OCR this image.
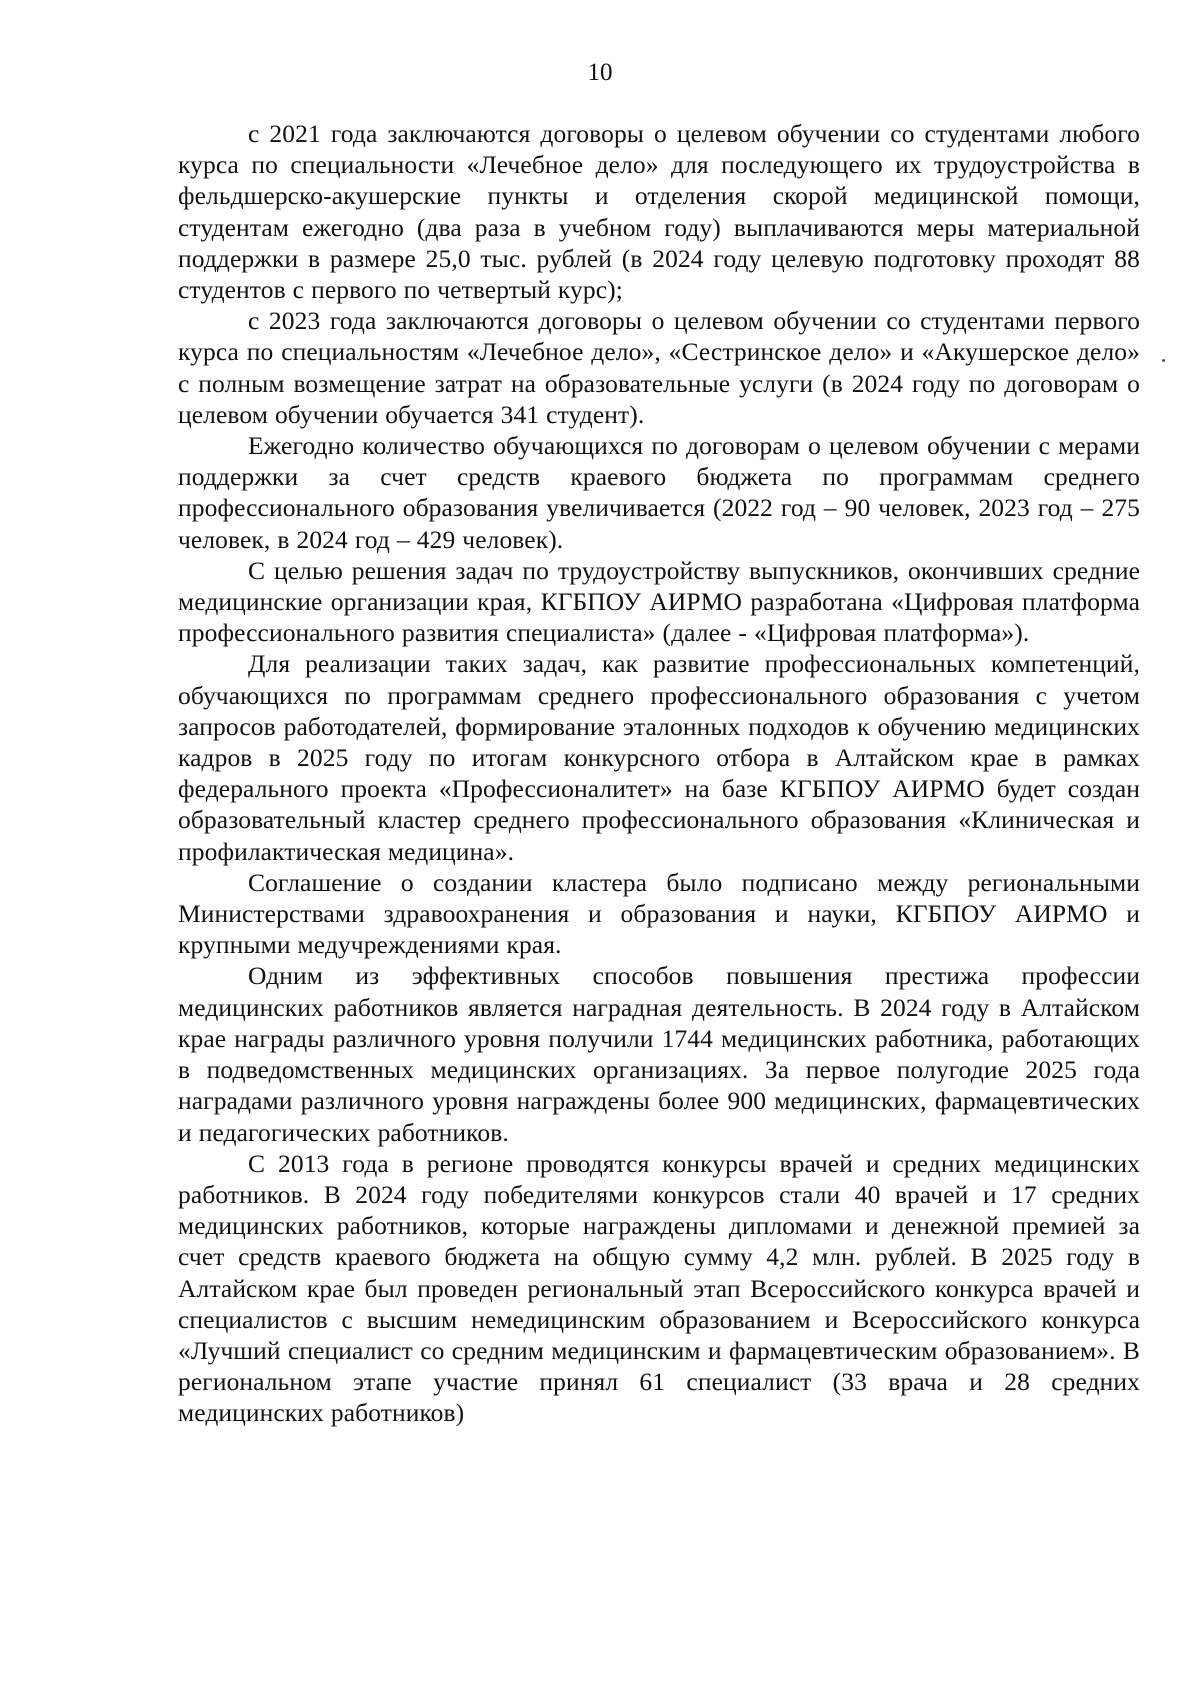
10

с 2021 года заключаются договоры о целевом обучении со студентами любого курса по специальности «Лечебное дело» для последующего их трудоустройства в фельдшерско-акушерские пункты и отделения скорой медицинской помощи, студентам ежегодно (два раза в учебном году) выплачиваются меры материальной поддержки в размере 25,0 тыс. рублей (в 2024 году целевую подготовку проходят 88 студентов с первого по четвертый курс);

с 2023 года заключаются договоры о целевом обучении со студентами первого курса по специальностям «Лечебное дело», «Сестринское дело» и «Акушерское дело» с полным возмещение затрат на образовательные услуги (в 2024 году по договорам о целевом обучении обучается 341 студент).

Ежегодно количество обучающихся по договорам о целевом обучении с мерами поддержки за счет средств краевого бюджета по программам среднего профессионального образования увеличивается (2022 год – 90 человек, 2023 год – 275 человек, в 2024 год – 429 человек).

С целью решения задач по трудоустройству выпускников, окончивших средние медицинские организации края, КГБПОУ АИРМО разработана «Цифровая платформа профессионального развития специалиста» (далее - «Цифровая платформа»).

Для реализации таких задач, как развитие профессиональных компетенций, обучающихся по программам среднего профессионального образования с учетом запросов работодателей, формирование эталонных подходов к обучению медицинских кадров в 2025 году по итогам конкурсного отбора в Алтайском крае в рамках федерального проекта «Профессионалитет» на базе КГБПОУ АИРМО будет создан образовательный кластер среднего профессионального образования «Клиническая и профилактическая медицина».

Соглашение о создании кластера было подписано между региональными Министерствами здравоохранения и образования и науки, КГБПОУ АИРМО и крупными медучреждениями края.

Одним из эффективных способов повышения престижа профессии медицинских работников является наградная деятельность. В 2024 году в Алтайском крае награды различного уровня получили 1744 медицинских работника, работающих в подведомственных медицинских организациях. За первое полугодие 2025 года наградами различного уровня награждены более 900 медицинских, фармацевтических и педагогических работников.

С 2013 года в регионе проводятся конкурсы врачей и средних медицинских работников. В 2024 году победителями конкурсов стали 40 врачей и 17 средних медицинских работников, которые награждены дипломами и денежной премией за счет средств краевого бюджета на общую сумму 4,2 млн. рублей. В 2025 году в Алтайском крае был проведен региональный этап Всероссийского конкурса врачей и специалистов с высшим немедицинским образованием и Всероссийского конкурса «Лучший специалист со средним медицинским и фармацевтическим образованием». В региональном этапе участие принял 61 специалист (33 врача и 28 средних медицинских работников)
